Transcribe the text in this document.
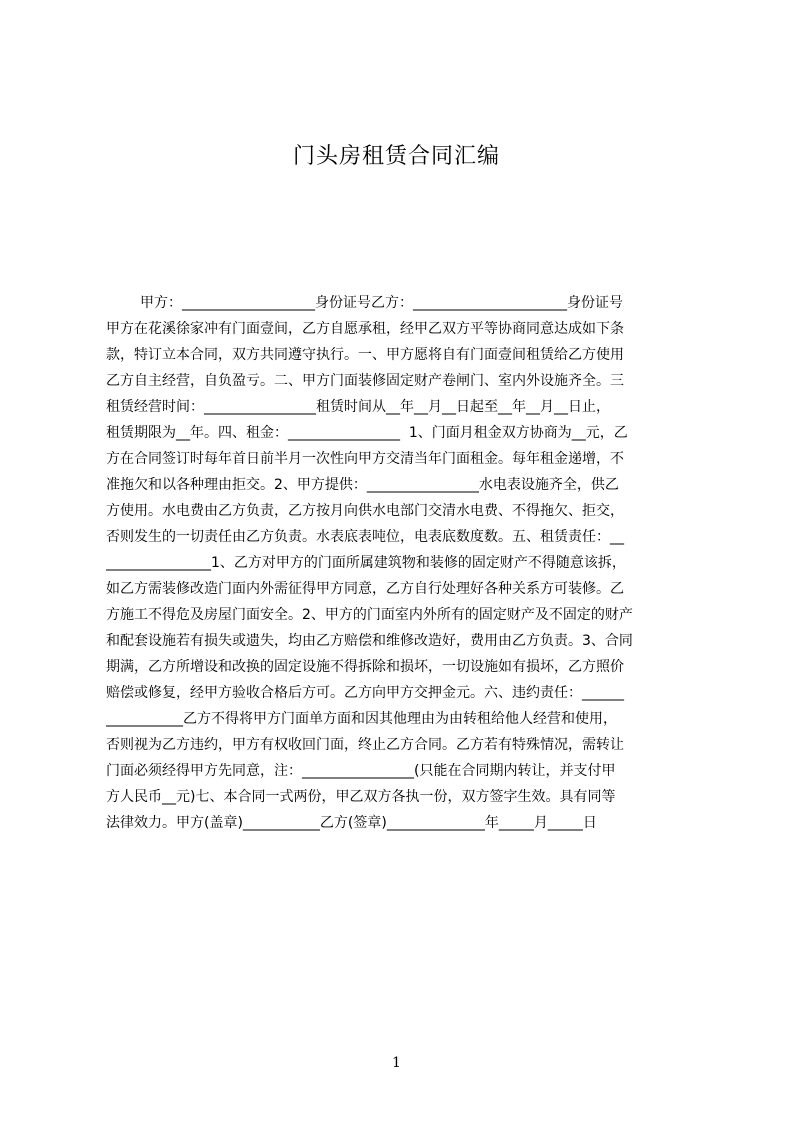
门头房租赁合同汇编
甲方：___________________身份证号乙方：______________________身份证号
甲方在花溪徐家冲有门面壹间，乙方自愿承租，经甲乙双方平等协商同意达成如下条
款，特订立本合同，双方共同遵守执行。一、甲方愿将自有门面壹间租赁给乙方使用
乙方自主经营，自负盈亏。二、甲方门面装修固定财产卷闸门、室内外设施齐全。三
租赁经营时间：________________租赁时间从__年__月__日起至__年__月__日止，
租赁期限为__年。四、租金：________________  1、门面月租金双方协商为__元，乙
方在合同签订时每年首日前半月一次性向甲方交清当年门面租金。每年租金递增，不
准拖欠和以各种理由拒交。2、甲方提供：________________水电表设施齐全，供乙
方使用。水电费由乙方负责，乙方按月向供水电部门交清水电费、不得拖欠、拒交，
否则发生的一切责任由乙方负责。水表底表吨位，电表底数度数。五、租赁责任：__
_______________1、乙方对甲方的门面所属建筑物和装修的固定财产不得随意该拆，
如乙方需装修改造门面内外需征得甲方同意，乙方自行处理好各种关系方可装修。乙
方施工不得危及房屋门面安全。2、甲方的门面室内外所有的固定财产及不固定的财产
和配套设施若有损失或遗失，均由乙方赔偿和维修改造好，费用由乙方负责。3、合同
期满，乙方所增设和改换的固定设施不得拆除和损坏，一切设施如有损坏，乙方照价
赔偿或修复，经甲方验收合格后方可。乙方向甲方交押金元。六、违约责任：______
___________乙方不得将甲方门面单方面和因其他理由为由转租给他人经营和使用，
否则视为乙方违约，甲方有权收回门面，终止乙方合同。乙方若有特殊情况，需转让
门面必须经得甲方先同意，注：________________(只能在合同期内转让，并支付甲
方人民币__元)七、本合同一式两份，甲乙双方各执一份，双方签字生效。具有同等
法律效力。甲方(盖章)___________乙方(签章)______________年_____月_____日
1
